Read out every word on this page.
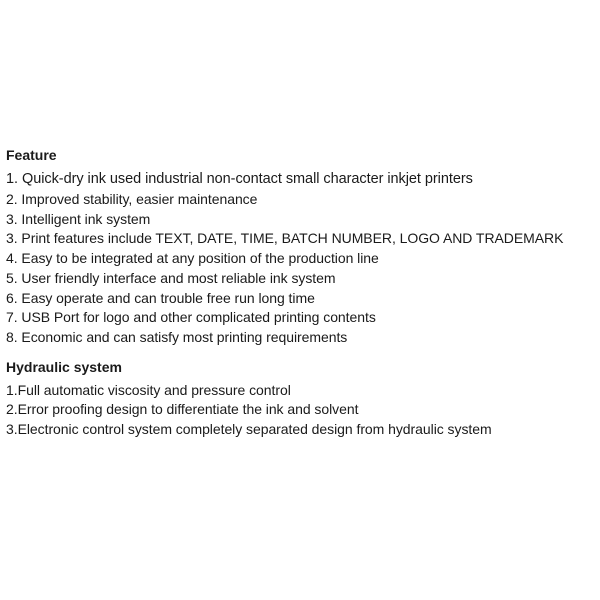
Feature
1. Quick-dry ink used industrial non-contact small character inkjet printers
2. Improved stability, easier maintenance
3. Intelligent ink system
3. Print features include TEXT, DATE, TIME, BATCH NUMBER, LOGO AND TRADEMARK
4. Easy to be integrated at any position of the production line
5. User friendly interface and most reliable ink system
6. Easy operate and can trouble free run long time
7. USB Port for logo and other complicated printing contents
8. Economic and can satisfy most printing requirements
Hydraulic system
1.Full automatic viscosity and pressure control
2.Error proofing design to differentiate the ink and solvent
3.Electronic control system completely separated design from hydraulic system
